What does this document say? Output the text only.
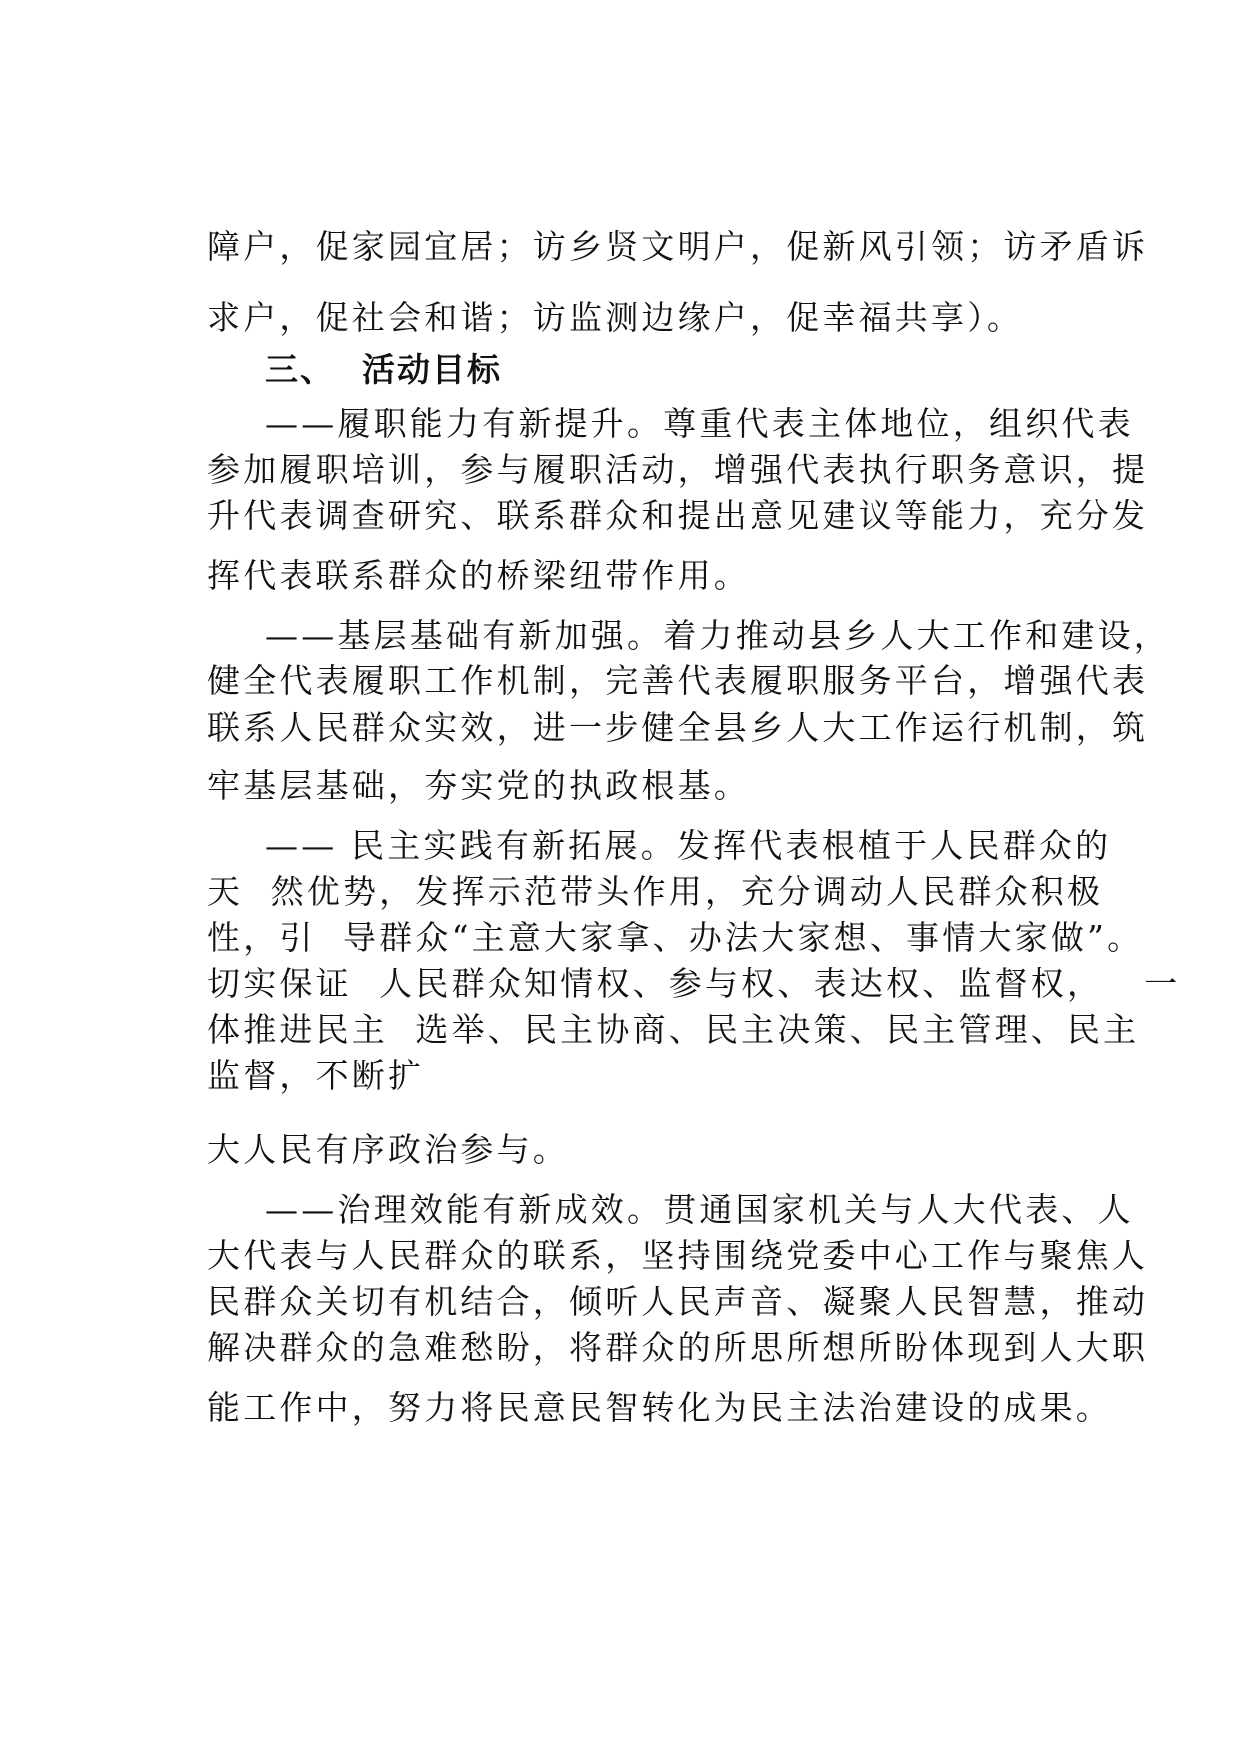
障户，促家园宜居；访乡贤文明户，促新风引领；访矛盾诉
求户，促社会和谐；访监测边缘户，促幸福共享）。
三、  活动目标
——履职能力有新提升。尊重代表主体地位，组织代表
参加履职培训，参与履职活动，增强代表执行职务意识，提
升代表调查研究、联系群众和提出意见建议等能力，充分发
挥代表联系群众的桥梁纽带作用。
——基层基础有新加强。着力推动县乡人大工作和建设，
健全代表履职工作机制，完善代表履职服务平台，增强代表
联系人民群众实效，进一步健全县乡人大工作运行机制，筑
牢基层基础，夯实党的执政根基。
—— 民主实践有新拓展。发挥代表根植于人民群众的
天  然优势，发挥示范带头作用，充分调动人民群众积极
性，引  导群众“主意大家拿、办法大家想、事情大家做”。
切实保证  人民群众知情权、参与权、表达权、监督权，   一
体推进民主  选举、民主协商、民主决策、民主管理、民主
监督，不断扩
大人民有序政治参与。
——治理效能有新成效。贯通国家机关与人大代表、人
大代表与人民群众的联系，坚持围绕党委中心工作与聚焦人
民群众关切有机结合，倾听人民声音、凝聚人民智慧，推动
解决群众的急难愁盼，将群众的所思所想所盼体现到人大职
能工作中，努力将民意民智转化为民主法治建设的成果。
